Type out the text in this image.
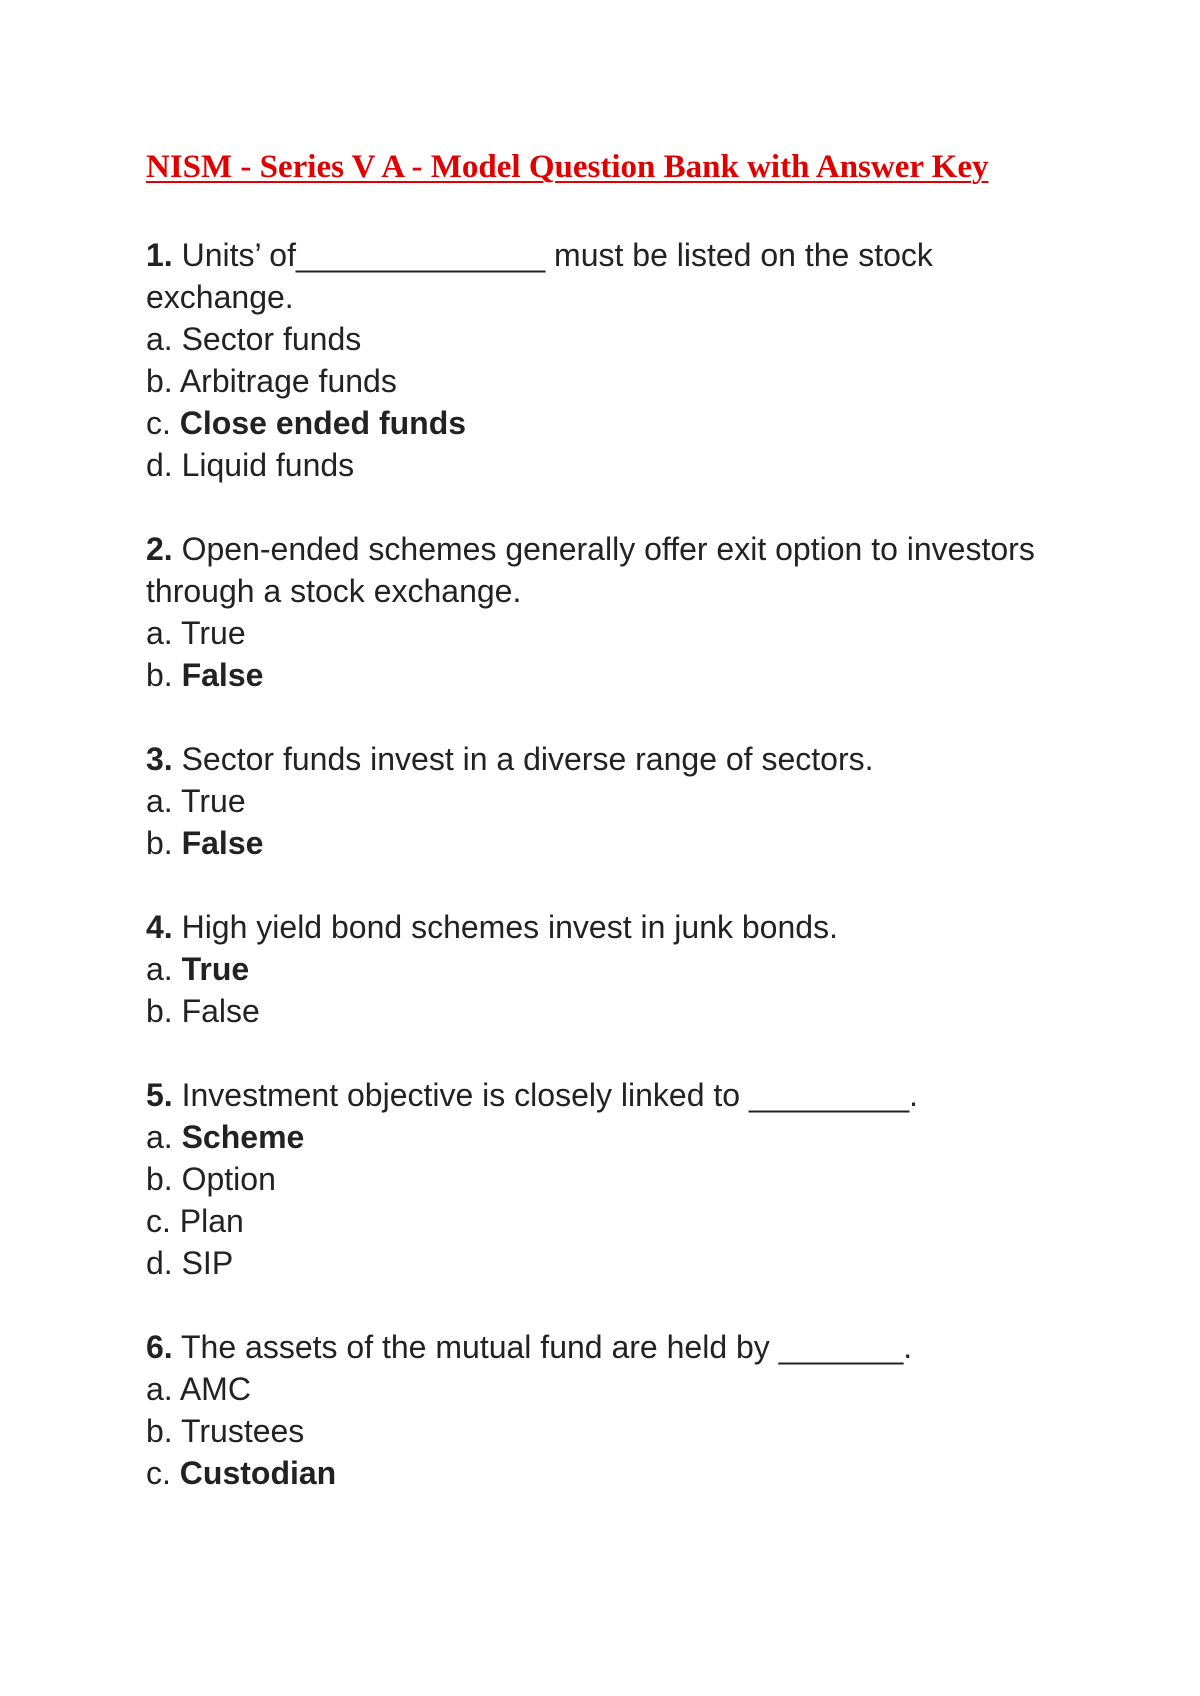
NISM - Series V A - Model Question Bank with Answer Key

1. Units’ of______________ must be listed on the stock exchange.

a. Sector funds
b. Arbitrage funds
c. Close ended funds
d. Liquid funds

2. Open-ended schemes generally offer exit option to investors through a stock exchange.

a. True
b. False

3. Sector funds invest in a diverse range of sectors.

a. True
b. False

4. High yield bond schemes invest in junk bonds.

a. True
b. False

5. Investment objective is closely linked to _________.

a. Scheme
b. Option
c. Plan
d. SIP

6. The assets of the mutual fund are held by _______.

a. AMC
b. Trustees
c. Custodian
